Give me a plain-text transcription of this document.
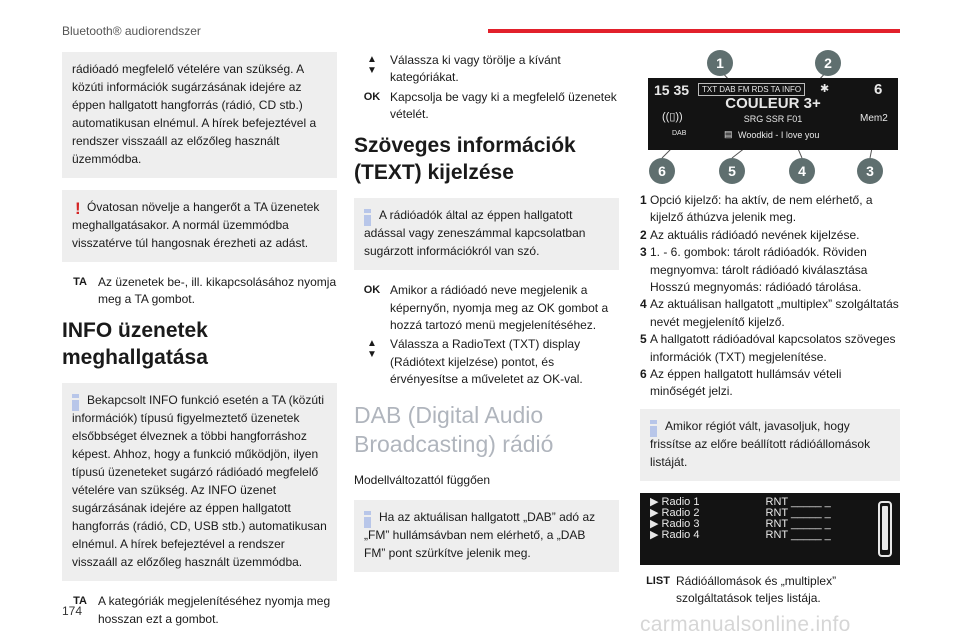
Bluetooth® audiorendszer
rádióadó megfelelő vételére van szükség. A közúti információk sugárzásának idejére az éppen hallgatott hangforrás (rádió, CD stb.) automatikusan elnémul. A hírek befejeztével a rendszer visszaáll az előzőleg használt üzemmódba.
! Óvatosan növelje a hangerőt a TA üzenetek meghallgatásakor. A normál üzemmódba visszatérve túl hangosnak érezheti az adást.
TA Az üzenetek be-, ill. kikapcsolásához nyomja meg a TA gombot.
INFO üzenetek meghallgatása
Bekapcsolt INFO funkció esetén a TA (közúti információk) típusú figyelmeztető üzenetek elsőbbséget élveznek a többi hangforráshoz képest. Ahhoz, hogy a funkció működjön, ilyen típusú üzeneteket sugárzó rádióadó megfelelő vételére van szükség. Az INFO üzenet sugárzásának idejére az éppen hallgatott hangforrás (rádió, CD, USB stb.) automatikusan elnémul. A hírek befejeztével a rendszer visszaáll az előzőleg használt üzemmódba.
TA A kategóriák megjelenítéséhez nyomja meg hosszan ezt a gombot.
▲
▼
Válassza ki vagy törölje a kívánt kategóriákat.
OK Kapcsolja be vagy ki a megfelelő üzenetek vételét.
Szöveges információk (TEXT) kijelzése
A rádióadók által az éppen hallgatott adással vagy zeneszámmal kapcsolatban sugárzott információkról van szó.
OK Amikor a rádióadó neve megjelenik a képernyőn, nyomja meg az OK gombot a hozzá tartozó menü megjelenítéséhez.
▲
▼
Válassza a RadioText (TXT) display (Rádiótext kijelzése) pontot, és érvényesítse a műveletet az OK-val.
DAB (Digital Audio Broadcasting) rádió
Modellváltozattól függően
Ha az aktuálisan hallgatott „DAB” adó az „FM” hullámsávban nem elérhető, a „DAB FM” pont szürkítve jelenik meg.
15 35	TXT DAB FM RDS TA INFO	✱	6
COULEUR 3+
SRG SSR F01	Mem2
((▯))
DAB	▤ Woodkid - I love you
1	2
6	5	4	3
1 Opció kijelző: ha aktív, de nem elérhető, a kijelző áthúzva jelenik meg.
2 Az aktuális rádióadó nevének kijelzése.
3 1. - 6. gombok: tárolt rádióadók. Röviden megnyomva: tárolt rádióadó kiválasztása Hosszú megnyomás: rádióadó tárolása.
4 Az aktuálisan hallgatott „multiplex” szolgáltatás nevét megjelenítő kijelző.
5 A hallgatott rádióadóval kapcsolatos szöveges információk (TXT) megjelenítése.
6 Az éppen hallgatott hullámsáv vételi minőségét jelzi.
Amikor régiót vált, javasoljuk, hogy frissítse az előre beállított rádióállomások listáját.
▶ Radio 1	RNT _____ _
▶ Radio 2	RNT _____ _
▶ Radio 3	RNT _____ _
▶ Radio 4	RNT _____ _
LIST Rádióállomások és „multiplex” szolgáltatások teljes listája.
174
carmanualsonline.info
